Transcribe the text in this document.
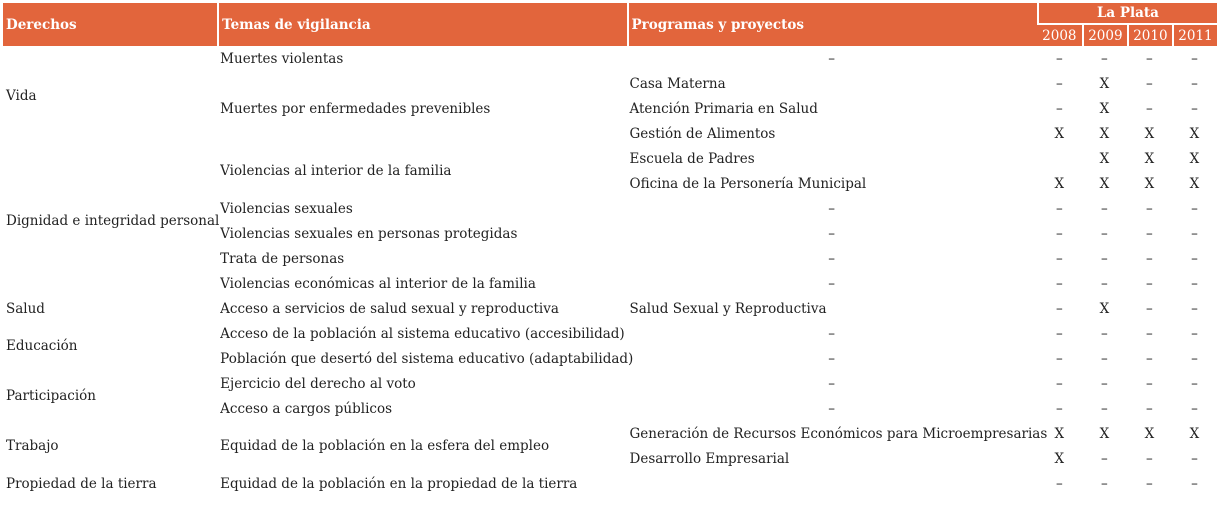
Derechos	Temas de vigilancia	Programas y proyectos	La Plata			
			2008	2009	2010	2011
Vida	Muertes violentas	–	–	–	–	–
	Muertes por enfermedades prevenibles	Casa Materna	–	X	–	–
		Atención Primaria en Salud	–	X	–	–
		Gestión de Alimentos	X	X	X	X
Dignidad e integridad personal	Violencias al interior de la familia	Escuela de Padres		X	X	X
		Oficina de la Personería Municipal	X	X	X	X
	Violencias sexuales	–	–	–	–	–
	Violencias sexuales en personas protegidas	–	–	–	–	–
	Trata de personas	–	–	–	–	–
	Violencias económicas al interior de la familia	–	–	–	–	–
Salud	Acceso a servicios de salud sexual y reproductiva	Salud Sexual y Reproductiva	–	X	–	–
Educación	Acceso de la población al sistema educativo (accesibilidad)	–	–	–	–	–
	Población que desertó del sistema educativo (adaptabilidad)	–	–	–	–	–
Participación	Ejercicio del derecho al voto	–	–	–	–	–
	Acceso a cargos públicos	–	–	–	–	–
Trabajo	Equidad de la población en la esfera del empleo	Generación de Recursos Económicos para Microempresarias	X	X	X	X
		Desarrollo Empresarial	X	–	–	–
Propiedad de la tierra	Equidad de la población en la propiedad de la tierra		–	–	–	–
